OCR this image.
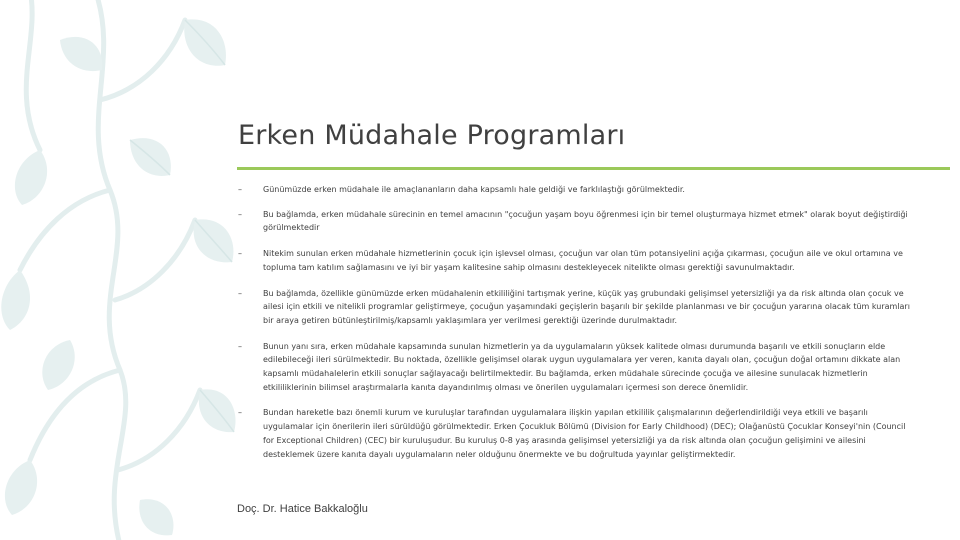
Erken Müdahale Programları
–	Günümüzde erken müdahale ile amaçlananların daha kapsamlı hale geldiği ve farklılaştığı görülmektedir.
–	Bu bağlamda, erken müdahale sürecinin en temel amacının "çocuğun yaşam boyu öğrenmesi için bir temel oluşturmaya hizmet etmek" olarak boyut değiştirdiği görülmektedir
–	Nitekim sunulan erken müdahale hizmetlerinin çocuk için işlevsel olması, çocuğun var olan tüm potansiyelini açığa çıkarması, çocuğun aile ve okul ortamına ve topluma tam katılım sağlamasını ve iyi bir yaşam kalitesine sahip olmasını destekleyecek nitelikte olması gerektiği savunulmaktadır.
–	Bu bağlamda, özellikle günümüzde erken müdahalenin etkililiğini tartışmak yerine, küçük yaş grubundaki gelişimsel yetersizliği ya da risk altında olan çocuk ve ailesi için etkili ve nitelikli programlar geliştirmeye, çocuğun yaşamındaki geçişlerin başarılı bir şekilde planlanması ve bir çocuğun yararına olacak tüm kuramları bir araya getiren bütünleştirilmiş/kapsamlı yaklaşımlara yer verilmesi gerektiği üzerinde durulmaktadır.
–	Bunun yanı sıra, erken müdahale kapsamında sunulan hizmetlerin ya da uygulamaların yüksek kalitede olması durumunda başarılı ve etkili sonuçların elde edilebileceği ileri sürülmektedir. Bu noktada, özellikle gelişimsel olarak uygun uygulamalara yer veren, kanıta dayalı olan, çocuğun doğal ortamını dikkate alan kapsamlı müdahalelerin etkili sonuçlar sağlayacağı belirtilmektedir. Bu bağlamda, erken müdahale sürecinde çocuğa ve ailesine sunulacak hizmetlerin etkililiklerinin bilimsel araştırmalarla kanıta dayandırılmış olması ve önerilen uygulamaları içermesi son derece önemlidir.
–	Bundan hareketle bazı önemli kurum ve kuruluşlar tarafından uygulamalara ilişkin yapılan etkililik çalışmalarının değerlendirildiği veya etkili ve başarılı uygulamalar için önerilerin ileri sürüldüğü görülmektedir. Erken Çocukluk Bölümü (Division for Early Childhood) (DEC); Olağanüstü Çocuklar Konseyi'nin (Council for Exceptional Children) (CEC) bir kuruluşudur. Bu kuruluş 0-8 yaş arasında gelişimsel yetersizliği ya da risk altında olan çocuğun gelişimini ve ailesini desteklemek üzere kanıta dayalı uygulamaların neler olduğunu önermekte ve bu doğrultuda yayınlar geliştirmektedir.
Doç. Dr. Hatice Bakkaloğlu
